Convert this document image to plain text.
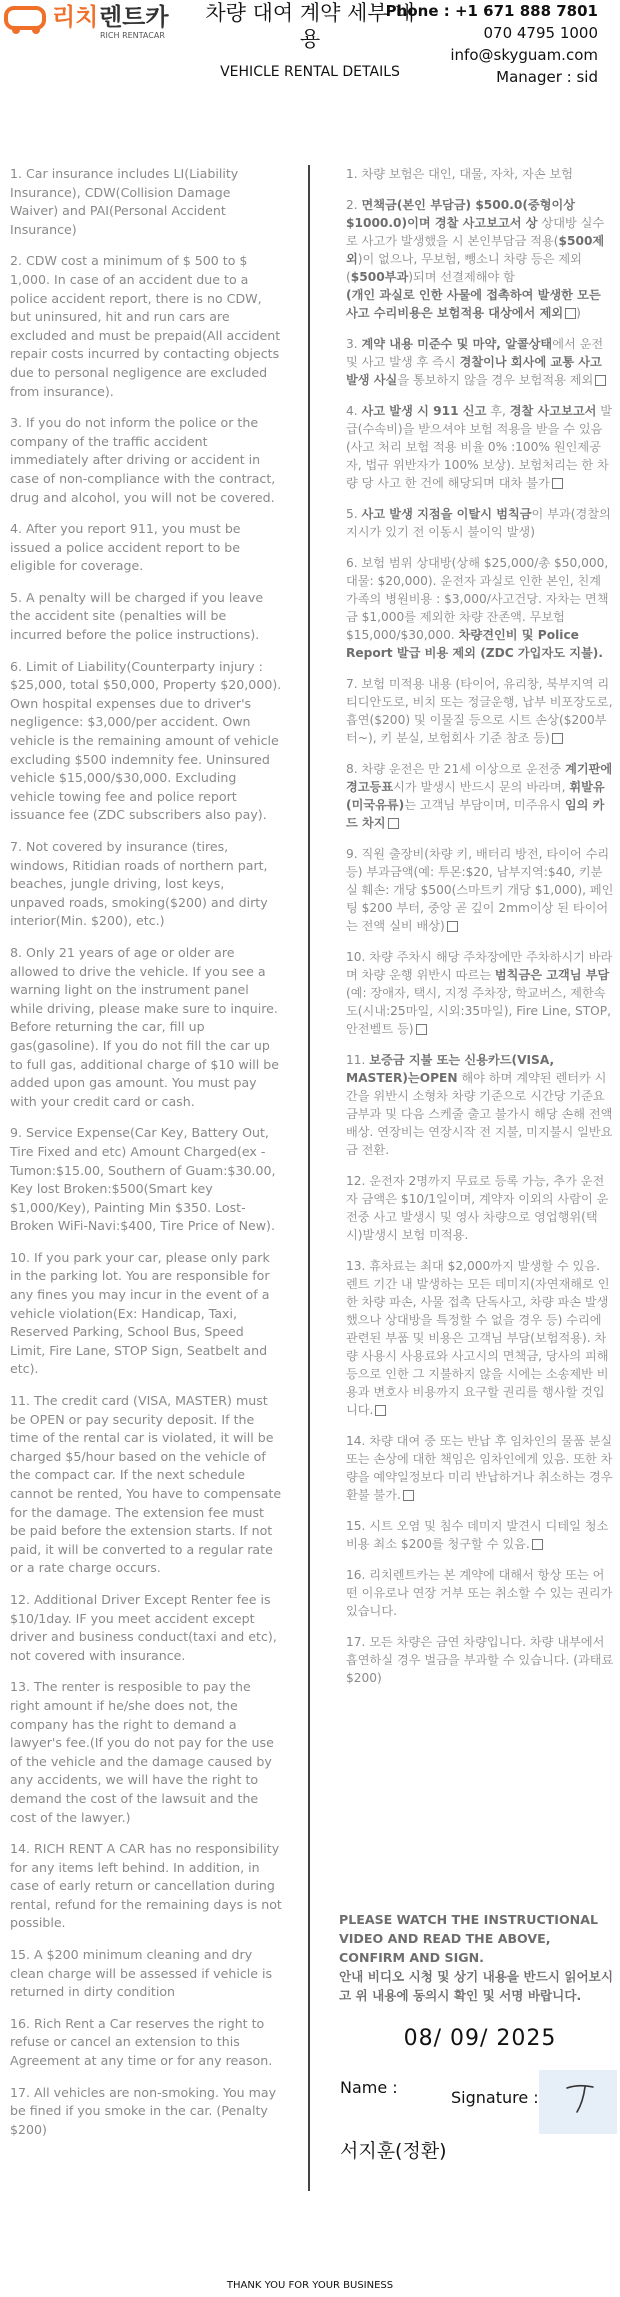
리치 렌트카
RICH RENTACAR
차량 대여 계약 세부 내용
VEHICLE RENTAL DETAILS
Phone : +1 671 888 7801
070 4795 1000
info@skyguam.com
Manager : sid

1. Car insurance includes LI(Liability Insurance), CDW(Collision Damage Waiver) and PAI(Personal Accident Insurance)

2. CDW cost a minimum of $ 500 to $ 1,000. In case of an accident due to a police accident report, there is no CDW, but uninsured, hit and run cars are excluded and must be prepaid(All accident repair costs incurred by contacting objects due to personal negligence are excluded from insurance).

3. If you do not inform the police or the company of the traffic accident immediately after driving or accident in case of non-compliance with the contract, drug and alcohol, you will not be covered.

4. After you report 911, you must be issued a police accident report to be eligible for coverage.

5. A penalty will be charged if you leave the accident site (penalties will be incurred before the police instructions).

6. Limit of Liability(Counterparty injury : $25,000, total $50,000, Property $20,000). Own hospital expenses due to driver's negligence: $3,000/per accident. Own vehicle is the remaining amount of vehicle excluding $500 indemnity fee. Uninsured vehicle $15,000/$30,000. Excluding vehicle towing fee and police report issuance fee (ZDC subscribers also pay).

7. Not covered by insurance (tires, windows, Ritidian roads of northern part, beaches, jungle driving, lost keys, unpaved roads, smoking($200) and dirty interior(Min. $200), etc.)

8. Only 21 years of age or older are allowed to drive the vehicle. If you see a warning light on the instrument panel while driving, please make sure to inquire. Before returning the car, fill up gas(gasoline). If you do not fill the car up to full gas, additional charge of $10 will be added upon gas amount. You must pay with your credit card or cash.

9. Service Expense(Car Key, Battery Out, Tire Fixed and etc) Amount Charged(ex - Tumon:$15.00, Southern of Guam:$30.00, Key lost Broken:$500(Smart key $1,000/Key), Painting Min $350. Lost-Broken WiFi-Navi:$400, Tire Price of New).

10. If you park your car, please only park in the parking lot. You are responsible for any fines you may incur in the event of a vehicle violation(Ex: Handicap, Taxi, Reserved Parking, School Bus, Speed Limit, Fire Lane, STOP Sign, Seatbelt and etc).

11. The credit card (VISA, MASTER) must be OPEN or pay security deposit. If the time of the rental car is violated, it will be charged $5/hour based on the vehicle of the compact car. If the next schedule cannot be rented, You have to compensate for the damage. The extension fee must be paid before the extension starts. If not paid, it will be converted to a regular rate or a rate charge occurs.

12. Additional Driver Except Renter fee is $10/1day. IF you meet accident except driver and business conduct(taxi and etc), not covered with insurance.

13. The renter is resposible to pay the right amount if he/she does not, the company has the right to demand a lawyer's fee.(If you do not pay for the use of the vehicle and the damage caused by any accidents, we will have the right to demand the cost of the lawsuit and the cost of the lawyer.)

14. RICH RENT A CAR has no responsibility for any items left behind. In addition, in case of early return or cancellation during rental, refund for the remaining days is not possible.

15. A $200 minimum cleaning and dry clean charge will be assessed if vehicle is returned in dirty condition

16. Rich Rent a Car reserves the right to refuse or cancel an extension to this Agreement at any time or for any reason.

17. All vehicles are non-smoking. You may be fined if you smoke in the car. (Penalty $200)

1. 차량 보험은 대인, 대물, 자차, 자손 보험

2. 면책금(본인 부담금) $500.0(중형이상 $1000.0)이며 경찰 사고보고서 상 상대방 실수로 사고가 발생했을 시 본인부담금 적용($500제외)이 없으나, 무보험, 뺑소니 차량 등은 제외($500부과)되며 선결제해야 함
(개인 과실로 인한 사물에 접촉하여 발생한 모든 사고 수리비용은 보험적용 대상에서 제외 )

3. 계약 내용 미준수 및 마약, 알콜상태에서 운전 및 사고 발생 후 즉시 경찰이나 회사에 교통 사고 발생 사실을 통보하지 않을 경우 보험적용 제외

4. 사고 발생 시 911 신고 후, 경찰 사고보고서 발급(수속비)을 받으셔야 보험 적용을 받을 수 있음(사고 처리 보험 적용 비율 0% :100% 원인제공자, 법규 위반자가 100% 보상). 보험처리는 한 차량 당 사고 한 건에 해당되며 대차 불가

5. 사고 발생 지점을 이탈시 범칙금이 부과(경찰의 지시가 있기 전 이동시 불이익 발생)

6. 보험 범위 상대방(상해 $25,000/총 $50,000, 대물: $20,000). 운전자 과실로 인한 본인, 친계 가족의 병원비용 : $3,000/사고건당. 자차는 면책금 $1,000를 제외한 차량 잔존액. 무보험 $15,000/$30,000. 차량견인비 및 Police Report 발급 비용 제외 (ZDC 가입자도 지불).

7. 보험 미적용 내용 (타이어, 유리창, 북부지역 리티디안도로, 비치 또는 정글운행, 납부 비포장도로, 흡연($200) 및 이물질 등으로 시트 손상($200부터~), 키 분실, 보험회사 기준 참조 등)

8. 차량 운전은 만 21세 이상으로 운전중 계기판에 경고등표시가 발생시 반드시 문의 바라며, 휘발유(미국유류)는 고객님 부담이며, 미주유시 임의 카드 차지

9. 직원 출장비(차량 키, 배터리 방전, 타이어 수리등) 부과금액(예: 투몬:$20, 남부지역:$40, 키분실 훼손: 개당 $500(스마트키 개당 $1,000), 페인팅 $200 부터, 중앙 곧 깊이 2mm이상 된 타이어는 전액 실비 배상)

10. 차량 주차시 해당 주차장에만 주차하시기 바라며 차량 운행 위반시 따르는 범칙금은 고객님 부담 (예: 장애자, 택시, 지정 주차장, 학교버스, 제한속도(시내:25마일, 시외:35마일), Fire Line, STOP, 안전벨트 등)

11. 보증금 지불 또는 신용카드(VISA, MASTER)는OPEN 해야 하며 계약된 렌터카 시간을 위반시 소형차 차량 기준으로 시간당 기준요금부과 및 다음 스케줄 출고 불가시 해당 손해 전액 배상. 연장비는 연장시작 전 지불, 미지불시 일반요금 전환.

12. 운전자 2명까지 무료로 등록 가능, 추가 운전자 금액은 $10/1일이며, 계약자 이외의 사람이 운전중 사고 발생시 및 영사 차량으로 영업행위(택시)발생시 보험 미적용.

13. 휴차료는 최대 $2,000까지 발생할 수 있음. 렌트 기간 내 발생하는 모든 데미지(자연재해로 인한 차량 파손, 사물 접촉 단독사고, 차량 파손 발생했으나 상대방을 특정할 수 없을 경우 등) 수리에 관련된 부품 및 비용은 고객님 부담(보험적용). 차량 사용시 사용료와 사고시의 면책금, 당사의 피해 등으로 인한 그 지불하지 않을 시에는 소송제반 비용과 변호사 비용까지 요구할 권리를 행사할 것입니다.

14. 차량 대여 중 또는 반납 후 임차인의 물품 분실 또는 손상에 대한 책임은 임차인에게 있음. 또한 차량을 예약일정보다 미리 반납하거나 취소하는 경우 환불 불가.

15. 시트 오염 및 침수 데미지 발견시 디테일 청소 비용 최소 $200를 청구할 수 있음.

16. 리치렌트카는 본 계약에 대해서 항상 또는 어떤 이유로나 연장 거부 또는 취소할 수 있는 권리가 있습니다.

17. 모든 차량은 금연 차량입니다. 차량 내부에서 흡연하실 경우 벌금을 부과할 수 있습니다. (과태료 $200)

PLEASE WATCH THE INSTRUCTIONAL VIDEO AND READ THE ABOVE,
CONFIRM AND SIGN.
안내 비디오 시청 및 상기 내용을 반드시 읽어보시고 위 내용에 동의시 확인 및 서명 바랍니다.
08/ 09/ 2025
Name :
Signature :
서지훈(정환)
THANK YOU FOR YOUR BUSINESS
